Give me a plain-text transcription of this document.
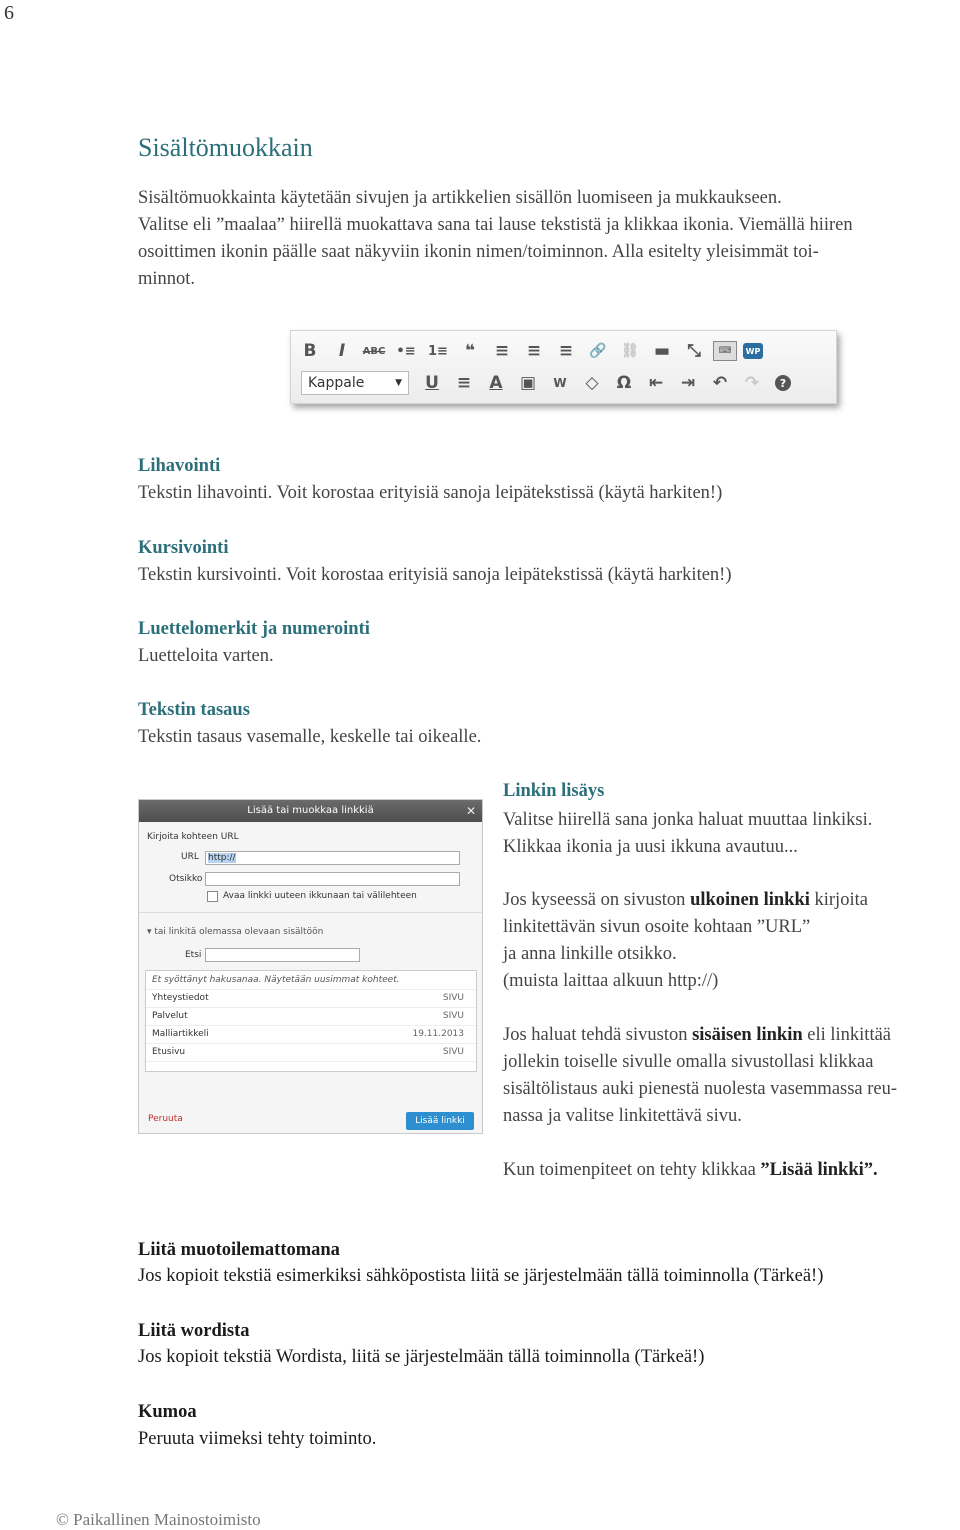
6
Sisältömuokkain
Sisältömuokkainta käytetään sivujen ja artikkelien sisällön luomiseen ja mukkaukseen.
Valitse eli ”maalaa” hiirellä muokattava sana tai lause tekstistä ja klikkaa ikonia. Viemällä hiiren
osoittimen ikonin päälle saat näkyviin ikonin nimen/toiminnon. Alla esitelty yleisimmät toi-
minnot.
B	I	ABC •≡ 1≡	❝	≡	≡	≡	🔗	⛓ ▬	⤡	⌨	WP
Kappale	▼	U	≡	A	▣	W	◇	Ω	⇤	⇥	↶	↷	?
Lihavointi
Tekstin lihavointi. Voit korostaa erityisiä sanoja leipätekstissä (käytä harkiten!)
Kursivointi
Tekstin kursivointi. Voit korostaa erityisiä sanoja leipätekstissä (käytä harkiten!)
Luettelomerkit ja numerointi
Luetteloita varten.
Tekstin tasaus
Tekstin tasaus vasemalle, keskelle tai oikealle.
Lisää tai muokkaa linkkiä	✕
Kirjoita kohteen URL
URL	http://
Otsikko
Avaa linkki uuteen ikkunaan tai välilehteen
▾ tai linkitä olemassa olevaan sisältöön
Etsi
Et syöttänyt hakusanaa. Näytetään uusimmat kohteet.
Yhteystiedot	SIVU
Palvelut	SIVU
Malliartikkeli	19.11.2013
Etusivu	SIVU
Peruuta	Lisää linkki
Linkin lisäys
Valitse hiirellä sana jonka haluat muuttaa linkiksi.
Klikkaa ikonia ja uusi ikkuna avautuu...
Jos kyseessä on sivuston ulkoinen linkki kirjoita
linkitettävän sivun osoite kohtaan ”URL”
ja anna linkille otsikko.
(muista laittaa alkuun http://)
Jos haluat tehdä sivuston sisäisen linkin eli linkittää
jollekin toiselle sivulle omalla sivustollasi klikkaa
sisältölistaus auki pienestä nuolesta vasemmassa reu-
nassa ja valitse linkitettävä sivu.
Kun toimenpiteet on tehty klikkaa ”Lisää linkki”.
Liitä muotoilemattomana
Jos kopioit tekstiä esimerkiksi sähköpostista liitä se järjestelmään tällä toiminnolla (Tärkeä!)
Liitä wordista
Jos kopioit tekstiä Wordista, liitä se järjestelmään tällä toiminnolla (Tärkeä!)
Kumoa
Peruuta viimeksi tehty toiminto.
© Paikallinen Mainostoimisto
